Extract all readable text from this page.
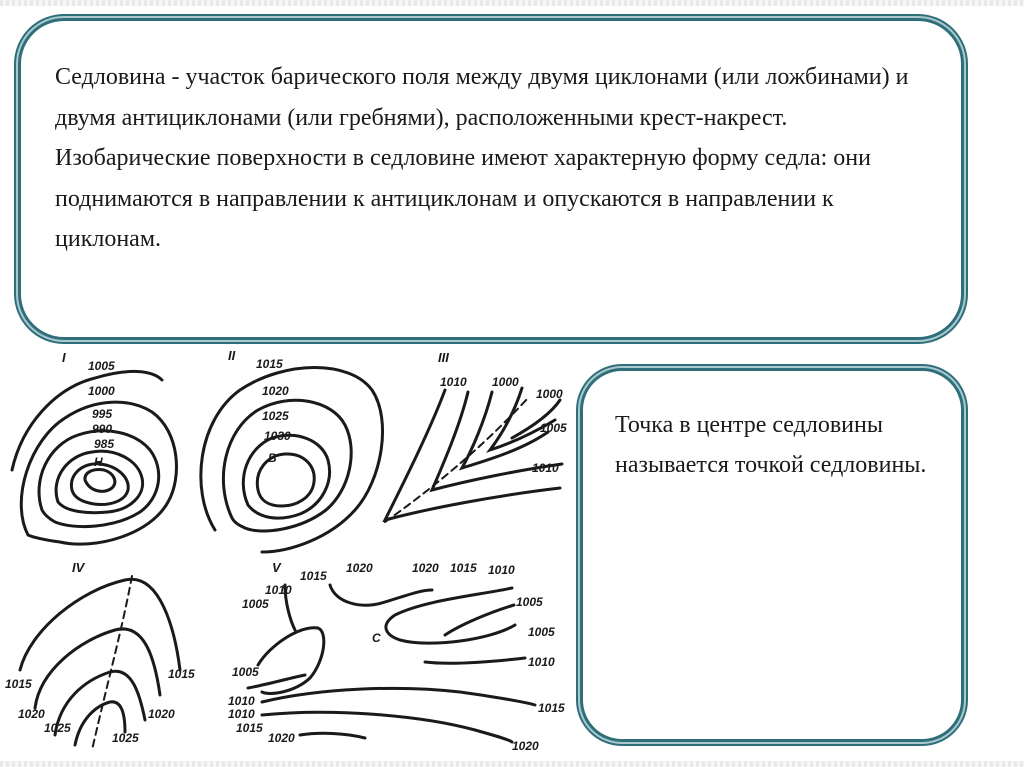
Седловина - участок барического поля между двумя циклонами (или ложбинами) и двумя антициклонами (или гребнями), расположенными крест-накрест. Изобарические поверхности в седловине имеют характерную форму седла: они поднимаются в направлении к антициклонам и опускаются в направлении к циклонам.

Точка в центре седловины называется точкой седловины.

I
1005
1000
995
990
985
Н
II
1015
1020
1025
1030
В
III
1010 1000
1000
1005
1010
IV
1015
1015
1020
1020
1025
1025
V
С
1015
1020	1020 1015 1010
1010
1005
1005
1010
1010
1015
1005
1005
1010
1015
1020
1020
